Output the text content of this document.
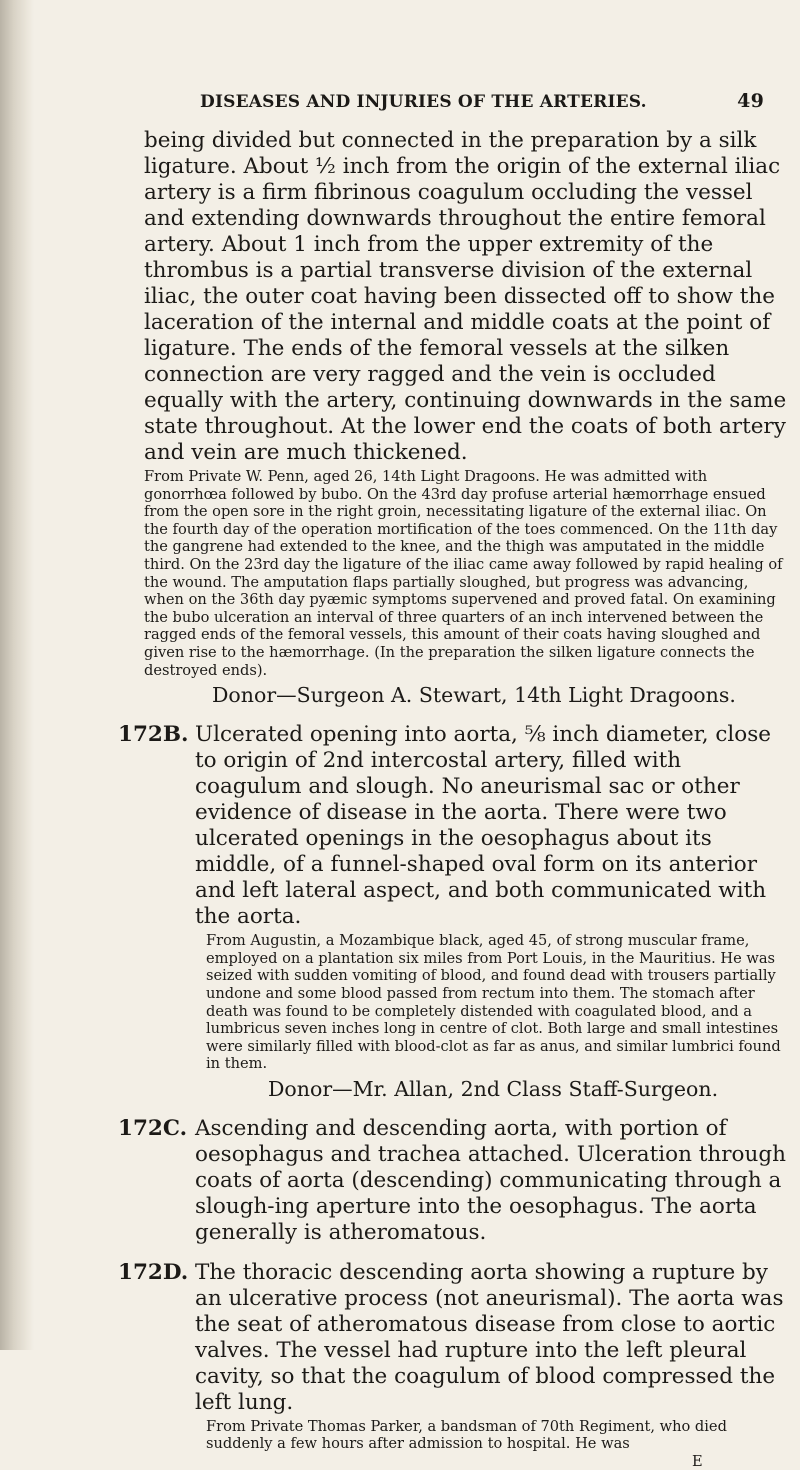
DISEASES AND INJURIES OF THE ARTERIES.	49

being divided but connected in the preparation by a silk ligature. About ½ inch from the origin of the external iliac artery is a firm fibrinous coagulum occluding the vessel and extending downwards throughout the entire femoral artery. About 1 inch from the upper extremity of the thrombus is a partial transverse division of the external iliac, the outer coat having been dissected off to show the laceration of the internal and middle coats at the point of ligature. The ends of the femoral vessels at the silken connection are very ragged and the vein is occluded equally with the artery, continuing downwards in the same state throughout. At the lower end the coats of both artery and vein are much thickened.

From Private W. Penn, aged 26, 14th Light Dragoons. He was admitted with gonorrhœa followed by bubo. On the 43rd day profuse arterial hæmorrhage ensued from the open sore in the right groin, necessitating ligature of the external iliac. On the fourth day of the operation mortification of the toes commenced. On the 11th day the gangrene had extended to the knee, and the thigh was amputated in the middle third. On the 23rd day the ligature of the iliac came away followed by rapid healing of the wound. The amputation flaps partially sloughed, but progress was advancing, when on the 36th day pyæmic symptoms supervened and proved fatal. On examining the bubo ulceration an interval of three quarters of an inch intervened between the ragged ends of the femoral vessels, this amount of their coats having sloughed and given rise to the hæmorrhage. (In the preparation the silken ligature connects the destroyed ends).

Donor—Surgeon A. Stewart, 14th Light Dragoons.

172B. Ulcerated opening into aorta, ⅝ inch diameter, close to origin of 2nd intercostal artery, filled with coagulum and slough. No aneurismal sac or other evidence of disease in the aorta. There were two ulcerated openings in the oesophagus about its middle, of a funnel-shaped oval form on its anterior and left lateral aspect, and both communicated with the aorta.

From Augustin, a Mozambique black, aged 45, of strong muscular frame, employed on a plantation six miles from Port Louis, in the Mauritius. He was seized with sudden vomiting of blood, and found dead with trousers partially undone and some blood passed from rectum into them. The stomach after death was found to be completely distended with coagulated blood, and a lumbricus seven inches long in centre of clot. Both large and small intestines were similarly filled with blood-clot as far as anus, and similar lumbrici found in them.

Donor—Mr. Allan, 2nd Class Staff-Surgeon.

172C. Ascending and descending aorta, with portion of oesophagus and trachea attached. Ulceration through coats of aorta (descending) communicating through a slough-ing aperture into the oesophagus. The aorta generally is atheromatous.

172D. The thoracic descending aorta showing a rupture by an ulcerative process (not aneurismal). The aorta was the seat of atheromatous disease from close to aortic valves. The vessel had rupture into the left pleural cavity, so that the coagulum of blood compressed the left lung.

From Private Thomas Parker, a bandsman of 70th Regiment, who died suddenly a few hours after admission to hospital. He was

E
